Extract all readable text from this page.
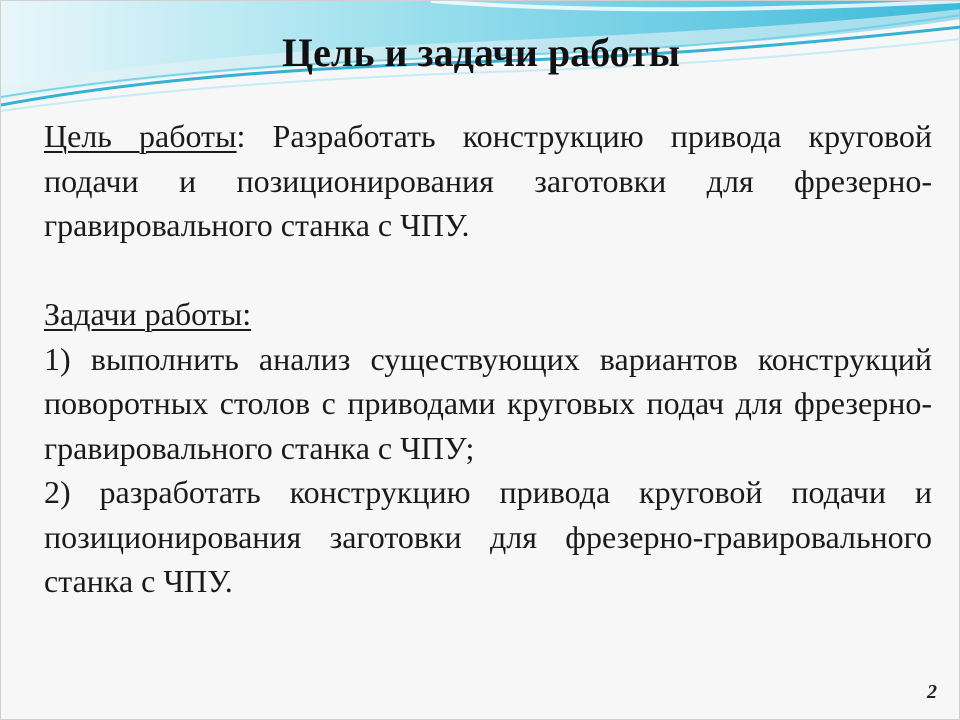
Цель и задачи работы

Цель работы: Разработать конструкцию привода круговой подачи и позиционирования заготовки для фрезерно-гравировального станка с ЧПУ.

Задачи работы:

1) выполнить анализ существующих вариантов конструкций поворотных столов с приводами круговых подач для фрезерно-гравировального станка с ЧПУ;

2) разработать конструкцию привода круговой подачи и позиционирования заготовки для фрезерно-гравировального станка с ЧПУ.

2
